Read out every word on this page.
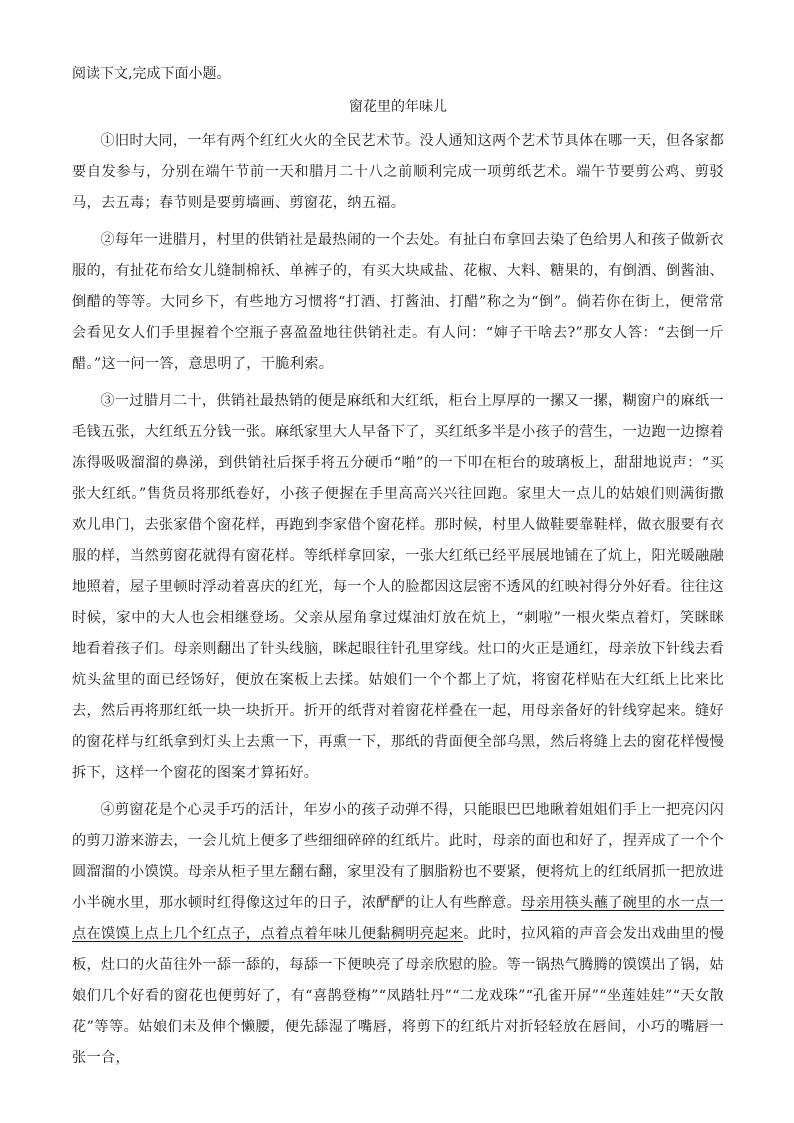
阅读下文,完成下面小题。

窗花里的年味儿

①旧时大同，一年有两个红红火火的全民艺术节。没人通知这两个艺术节具体在哪一天，但各家都要自发参与，分别在端午节前一天和腊月二十八之前顺利完成一项剪纸艺术。端午节要剪公鸡、剪驳马，去五毒；春节则是要剪墙画、剪窗花，纳五福。

②每年一进腊月，村里的供销社是最热闹的一个去处。有扯白布拿回去染了色给男人和孩子做新衣服的，有扯花布给女儿缝制棉袄、单裤子的，有买大块咸盐、花椒、大料、糖果的，有倒酒、倒酱油、倒醋的等等。大同乡下，有些地方习惯将“打酒、打酱油、打醋”称之为“倒”。倘若你在街上，便常常会看见女人们手里握着个空瓶子喜盈盈地往供销社走。有人问：“婶子干啥去?”那女人答：“去倒一斤醋。”这一问一答，意思明了，干脆利索。

③一过腊月二十，供销社最热销的便是麻纸和大红纸，柜台上厚厚的一摞又一摞，糊窗户的麻纸一毛钱五张，大红纸五分钱一张。麻纸家里大人早备下了，买红纸多半是小孩子的营生，一边跑一边擦着冻得吸吸溜溜的鼻涕，到供销社后探手将五分硬币“啪”的一下叩在柜台的玻璃板上，甜甜地说声：“买张大红纸。”售货员将那纸卷好，小孩子便握在手里高高兴兴往回跑。家里大一点儿的姑娘们则满街撒欢儿串门，去张家借个窗花样，再跑到李家借个窗花样。那时候，村里人做鞋要靠鞋样，做衣服要有衣服的样，当然剪窗花就得有窗花样。等纸样拿回家，一张大红纸已经平展展地铺在了炕上，阳光暖融融地照着，屋子里顿时浮动着喜庆的红光，每一个人的脸都因这层密不透风的红映衬得分外好看。往往这时候，家中的大人也会相继登场。父亲从屋角拿过煤油灯放在炕上，“刺啦”一根火柴点着灯，笑眯眯地看着孩子们。母亲则翻出了针头线脑，眯起眼往针孔里穿线。灶口的火正是通红，母亲放下针线去看炕头盆里的面已经饧好，便放在案板上去揉。姑娘们一个个都上了炕，将窗花样贴在大红纸上比来比去，然后再将那红纸一块一块折开。折开的纸背对着窗花样叠在一起，用母亲备好的针线穿起来。缝好的窗花样与红纸拿到灯头上去熏一下，再熏一下，那纸的背面便全部乌黑，然后将缝上去的窗花样慢慢拆下，这样一个窗花的图案才算拓好。

④剪窗花是个心灵手巧的活计，年岁小的孩子动弹不得，只能眼巴巴地瞅着姐姐们手上一把亮闪闪的剪刀游来游去，一会儿炕上便多了些细细碎碎的红纸片。此时，母亲的面也和好了，捏弄成了一个个圆溜溜的小馍馍。母亲从柜子里左翻右翻，家里没有了胭脂粉也不要紧，便将炕上的红纸屑抓一把放进小半碗水里，那水顿时红得像这过年的日子，浓酽酽的让人有些醉意。母亲用筷头蘸了碗里的水一点一点在馍馍上点上几个红点子，点着点着年味儿便黏稠明亮起来。此时，拉风箱的声音会发出戏曲里的慢板，灶口的火苗往外一舔一舔的，每舔一下便映亮了母亲欣慰的脸。等一锅热气腾腾的馍馍出了锅，姑娘们几个好看的窗花也便剪好了，有“喜鹊登梅”“凤踏牡丹”“二龙戏珠”“孔雀开屏”“坐莲娃娃”“天女散花”等等。姑娘们未及伸个懒腰，便先舔湿了嘴唇，将剪下的红纸片对折轻轻放在唇间，小巧的嘴唇一张一合，
